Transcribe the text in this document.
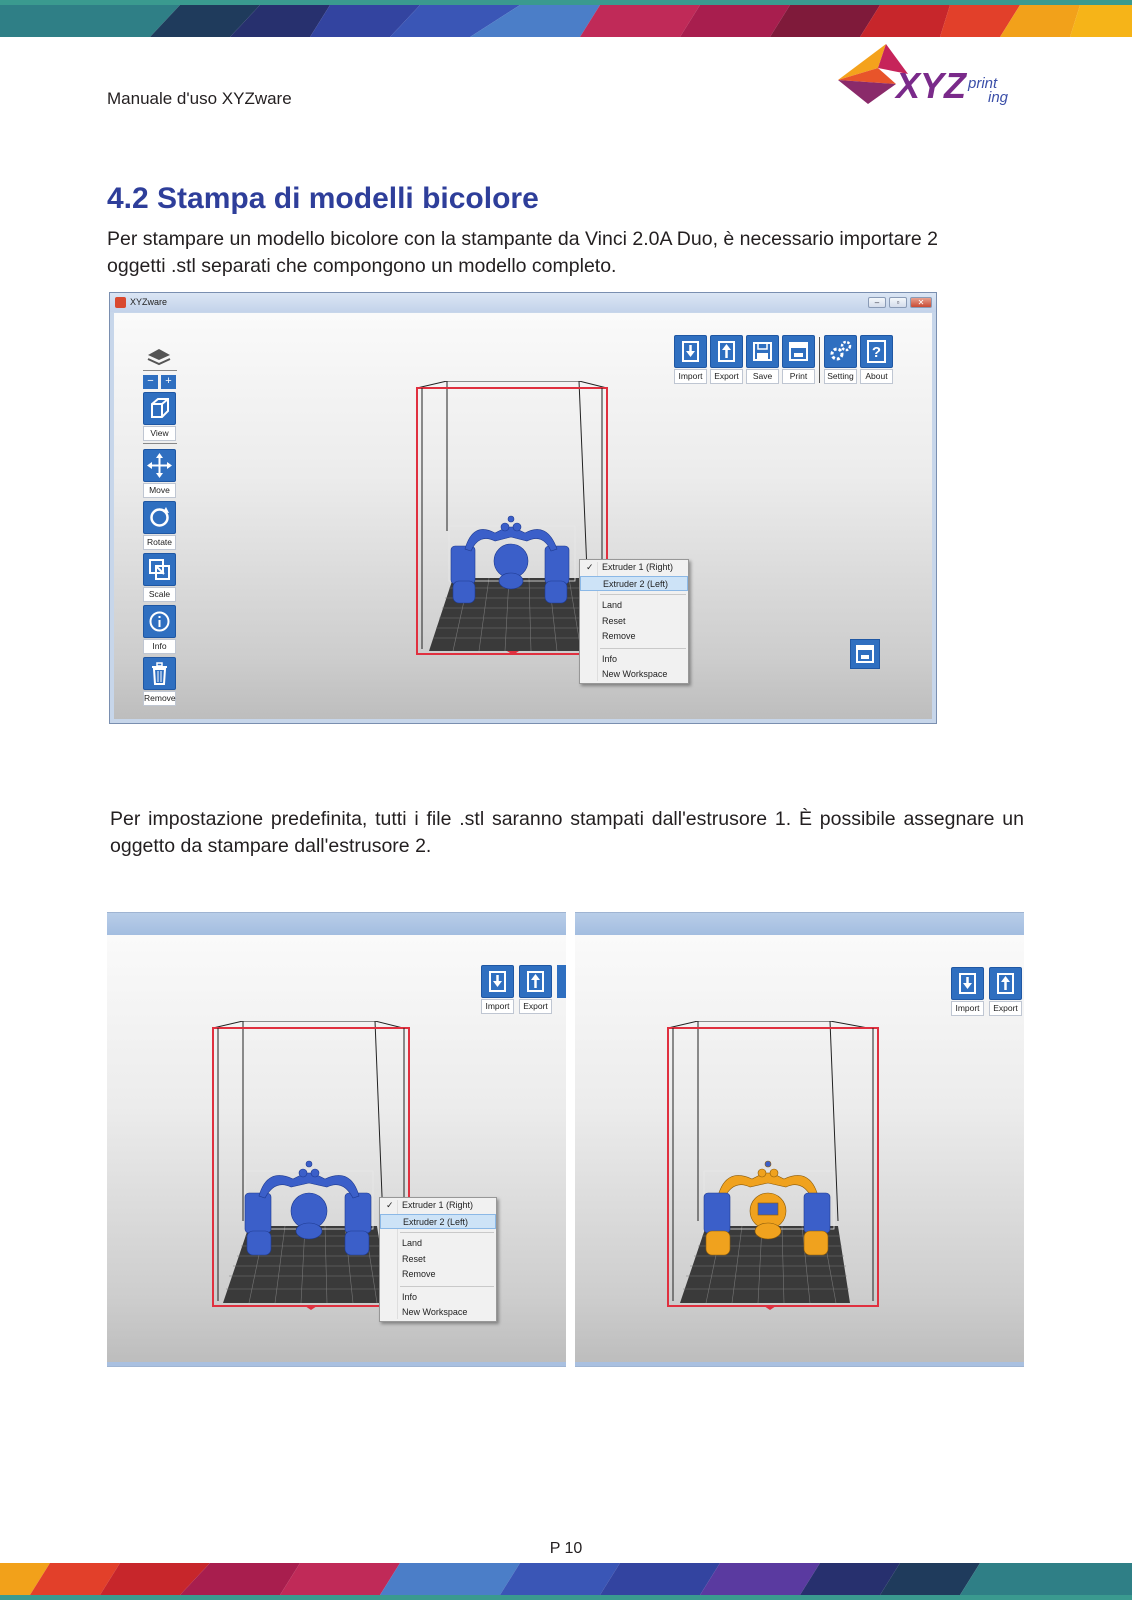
Manuale d'uso XYZware	XYZ print
ing
4.2 Stampa di modelli bicolore
Per stampare un modello bicolore con la stampante da Vinci 2.0A Duo, è necessario importare 2 oggetti .stl separati che compongono un modello completo.
XYZware	–	▫	✕
−	+
View
Move
Rotate
Scale
Info
Remove
Import	Export	Save	Print	Setting
?
About
✓ Extruder 1 (Right)
Extruder 2 (Left)
Land
Reset
Remove
Info
New Workspace
Per impostazione predefinita, tutti i file .stl saranno stampati dall'estrusore 1. È possibile assegnare un oggetto da stampare dall'estrusore 2.
Import	Export
✓ Extruder 1 (Right)
Extruder 2 (Left)
Land
Reset
Remove
Info
New Workspace
Import	Export
P 10
